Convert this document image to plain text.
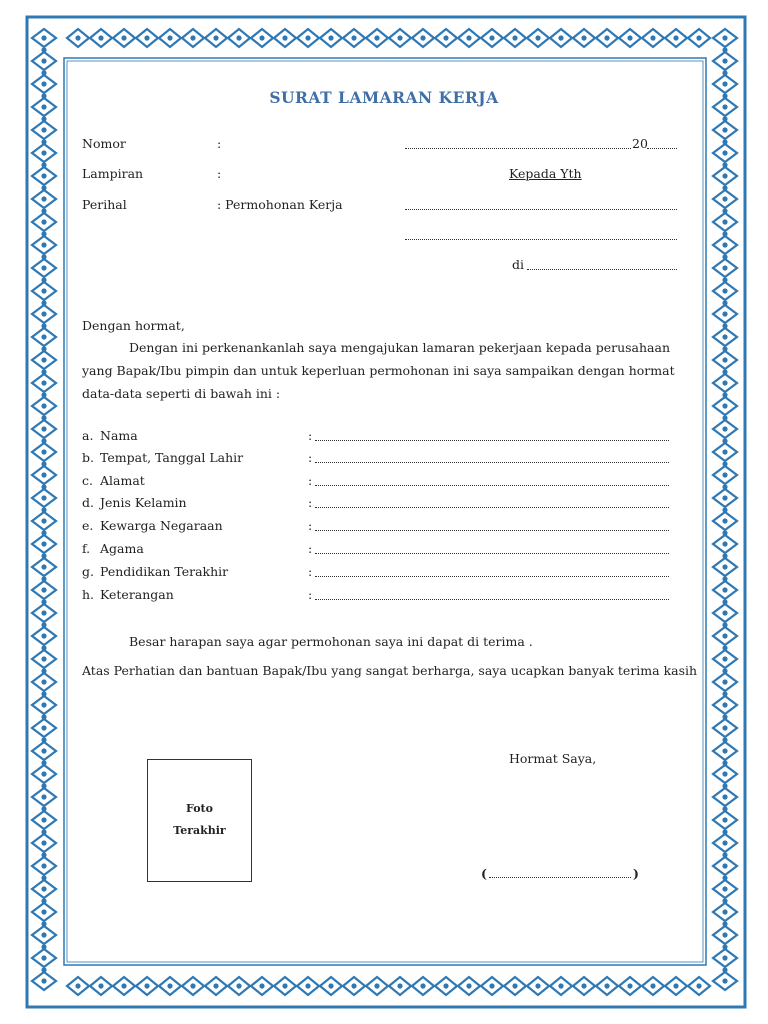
SURAT LAMARAN KERJA
Nomor	:	20
Lampiran	:	Kepada Yth
Perihal	: Permohonan Kerja
di
Dengan hormat,
Dengan ini perkenankanlah saya mengajukan lamaran pekerjaan kepada perusahaan
yang Bapak/Ibu pimpin dan untuk keperluan permohonan ini saya sampaikan dengan hormat
data-data seperti di bawah ini :
a. Nama	:
b. Tempat, Tanggal Lahir	:
c. Alamat	:
d. Jenis Kelamin	:
e. Kewarga Negaraan	:
f. Agama	:
g. Pendidikan Terakhir	:
h. Keterangan	:
Besar harapan saya agar permohonan saya ini dapat di terima .
Atas Perhatian dan bantuan Bapak/Ibu yang sangat berharga, saya ucapkan banyak terima kasih
Hormat Saya,
Foto
Terakhir
(	)
